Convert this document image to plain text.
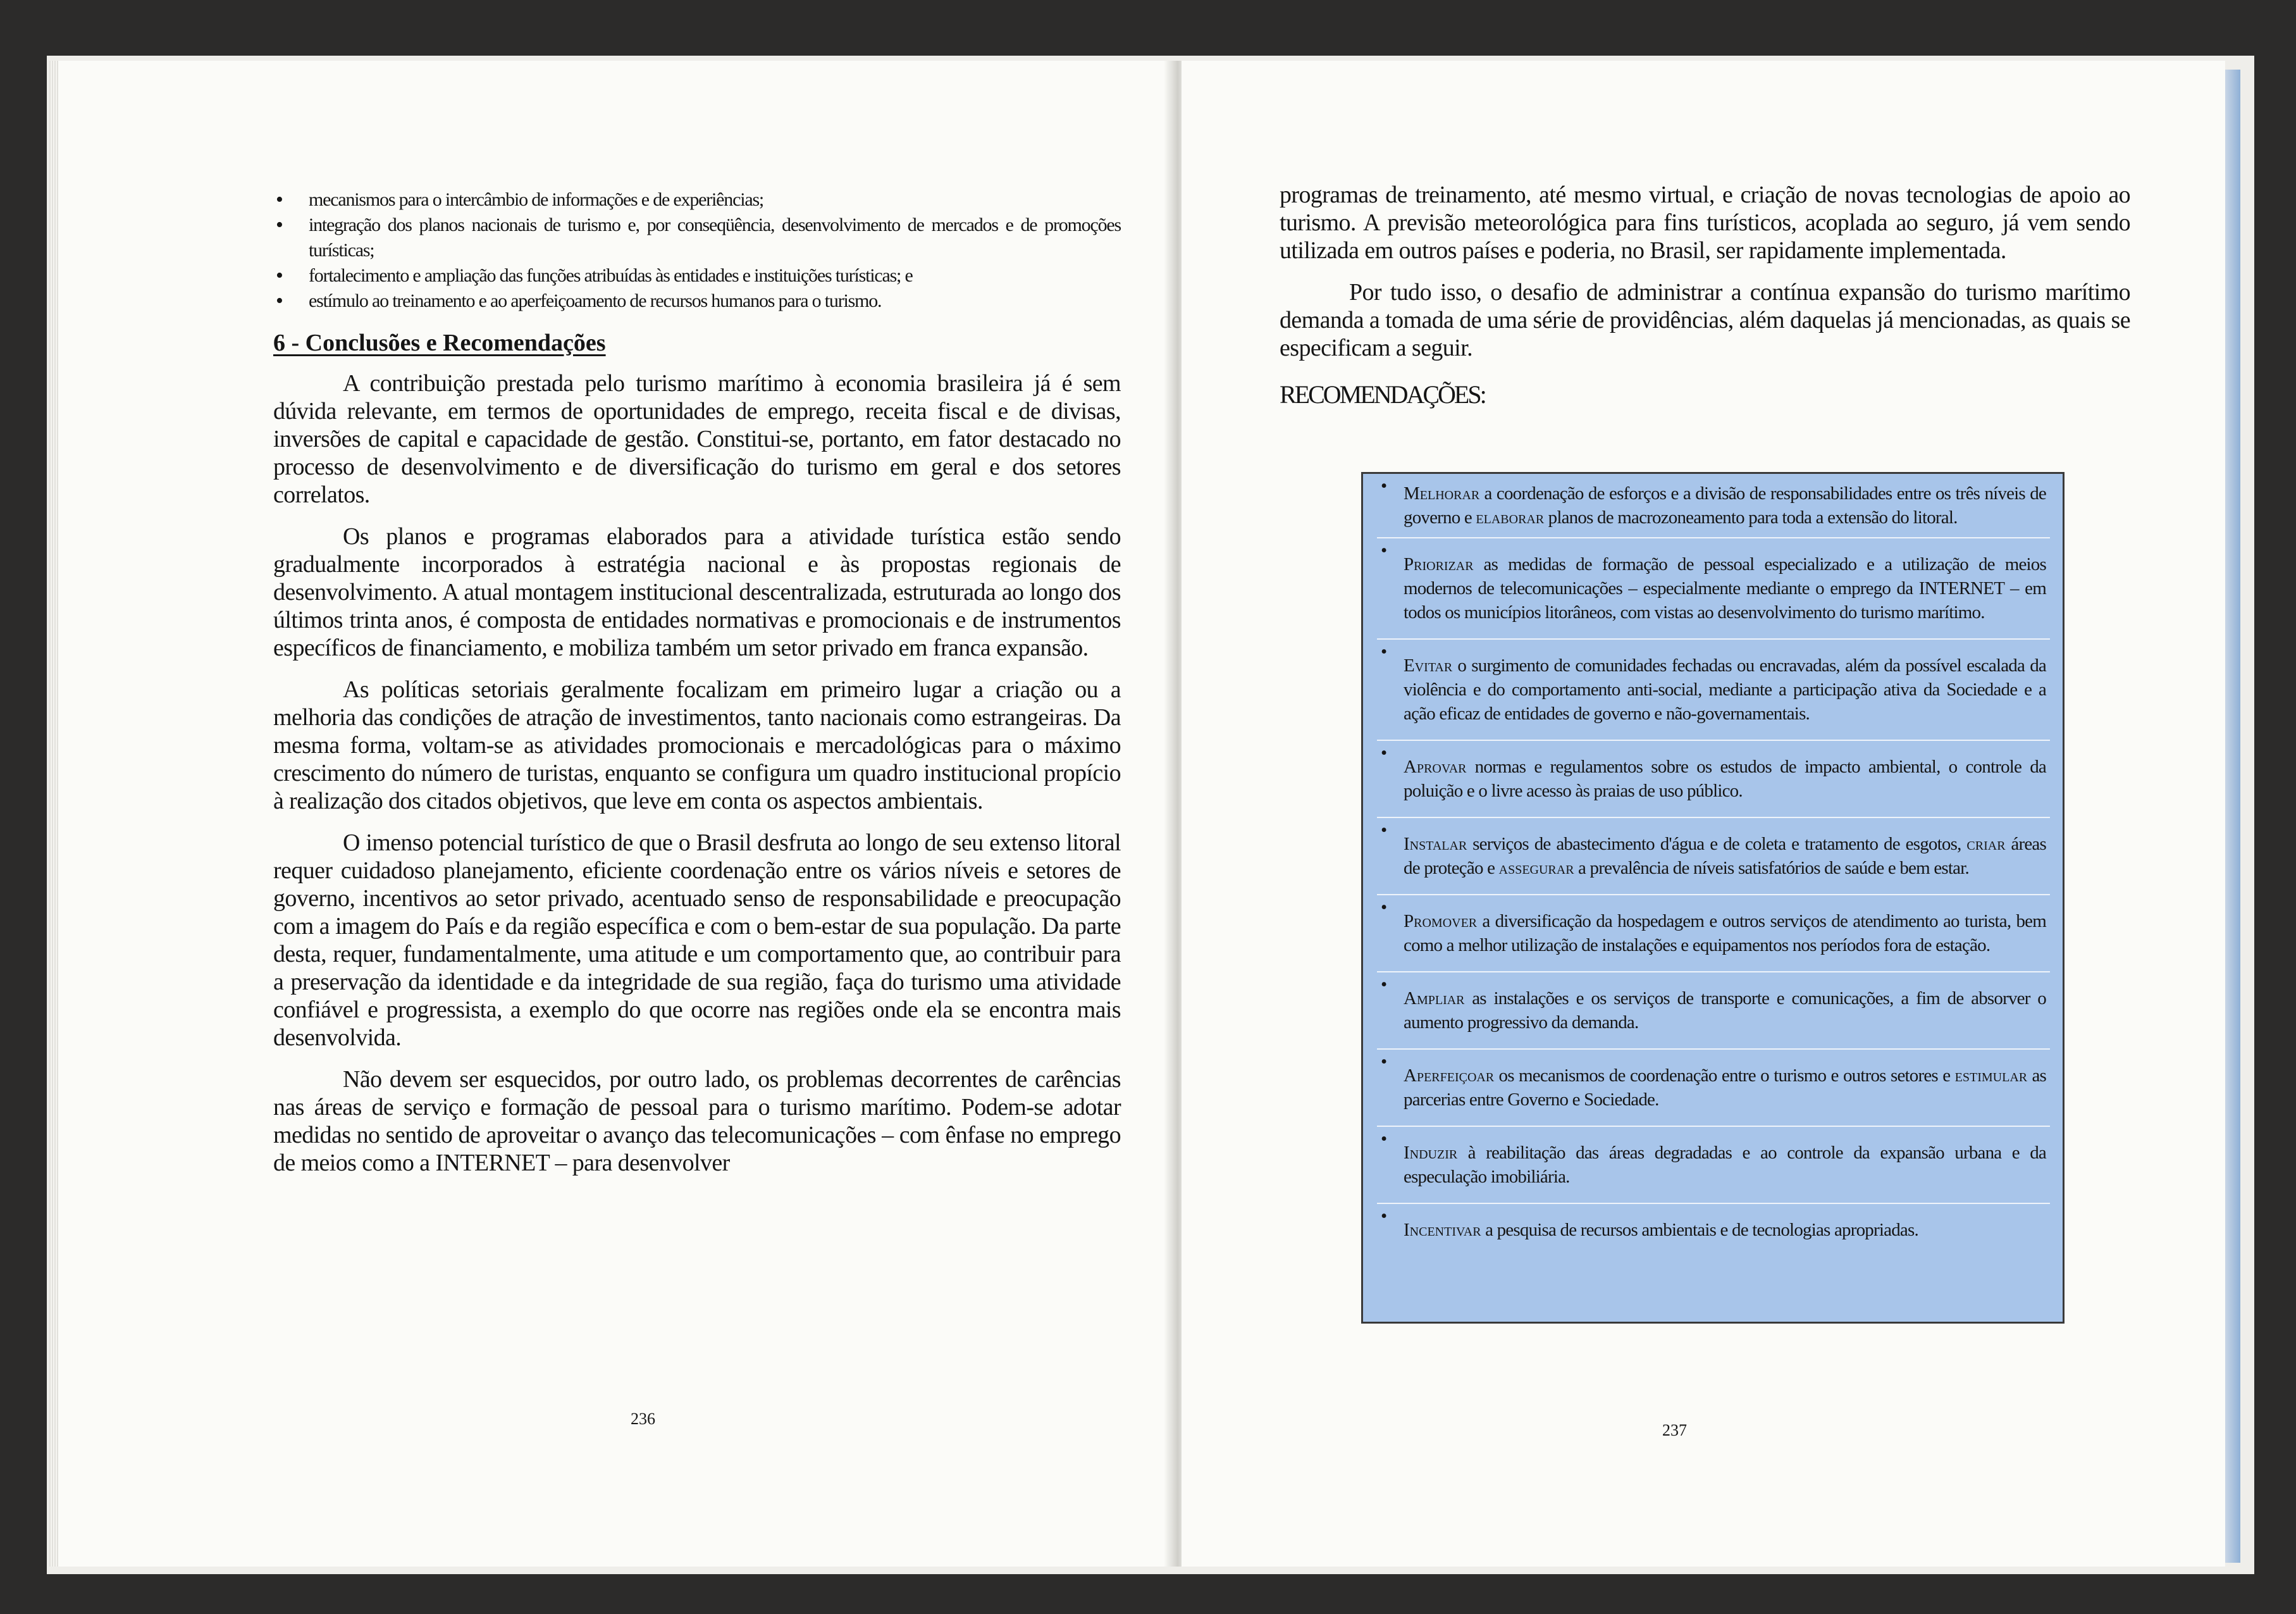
• mecanismos para o intercâmbio de informações e de experiências;
• integração dos planos nacionais de turismo e, por conseqüência, desenvolvimento de mercados e de promoções turísticas;
• fortalecimento e ampliação das funções atribuídas às entidades e instituições turísticas; e
• estímulo ao treinamento e ao aperfeiçoamento de recursos humanos para o turismo.
6 - Conclusões e Recomendações

A contribuição prestada pelo turismo marítimo à economia brasileira já é sem dúvida relevante, em termos de oportunidades de emprego, receita fiscal e de divisas, inversões de capital e capacidade de gestão. Constitui-se, portanto, em fator destacado no processo de desenvolvimento e de diversificação do turismo em geral e dos setores correlatos.

Os planos e programas elaborados para a atividade turística estão sendo gradualmente incorporados à estratégia nacional e às propostas regionais de desenvolvimento. A atual montagem institucional descentralizada, estruturada ao longo dos últimos trinta anos, é composta de entidades normativas e promocionais e de instrumentos específicos de financiamento, e mobiliza também um setor privado em franca expansão.

As políticas setoriais geralmente focalizam em primeiro lugar a criação ou a melhoria das condições de atração de investimentos, tanto nacionais como estrangeiras. Da mesma forma, voltam-se as atividades promocionais e mercadológicas para o máximo crescimento do número de turistas, enquanto se configura um quadro institucional propício à realização dos citados objetivos, que leve em conta os aspectos ambientais.

O imenso potencial turístico de que o Brasil desfruta ao longo de seu extenso litoral requer cuidadoso planejamento, eficiente coordenação entre os vários níveis e setores de governo, incentivos ao setor privado, acentuado senso de responsabilidade e preocupação com a imagem do País e da região específica e com o bem-estar de sua população. Da parte desta, requer, fundamentalmente, uma atitude e um comportamento que, ao contribuir para a preservação da identidade e da integridade de sua região, faça do turismo uma atividade confiável e progressista, a exemplo do que ocorre nas regiões onde ela se encontra mais desenvolvida.

Não devem ser esquecidos, por outro lado, os problemas decorrentes de carências nas áreas de serviço e formação de pessoal para o turismo marítimo. Podem-se adotar medidas no sentido de aproveitar o avanço das telecomunicações – com ênfase no emprego de meios como a INTERNET – para desenvolver

236

programas de treinamento, até mesmo virtual, e criação de novas tecnologias de apoio ao turismo. A previsão meteorológica para fins turísticos, acoplada ao seguro, já vem sendo utilizada em outros países e poderia, no Brasil, ser rapidamente implementada.

Por tudo isso, o desafio de administrar a contínua expansão do turismo marítimo demanda a tomada de uma série de providências, além daquelas já mencionadas, as quais se especificam a seguir.

RECOMENDAÇÕES:
237
• Melhorar a coordenação de esforços e a divisão de responsabilidades entre os três níveis de governo e elaborar planos de macrozoneamento para toda a extensão do litoral.
• Priorizar as medidas de formação de pessoal especializado e a utilização de meios modernos de telecomunicações – especialmente mediante o emprego da INTERNET – em todos os municípios litorâneos, com vistas ao desenvolvimento do turismo marítimo.
• Evitar o surgimento de comunidades fechadas ou encravadas, além da possível escalada da violência e do comportamento anti-social, mediante a participação ativa da Sociedade e a ação eficaz de entidades de governo e não-governamentais.
• Aprovar normas e regulamentos sobre os estudos de impacto ambiental, o controle da poluição e o livre acesso às praias de uso público.
• Instalar serviços de abastecimento d'água e de coleta e tratamento de esgotos, criar áreas de proteção e assegurar a prevalência de níveis satisfatórios de saúde e bem estar.
• Promover a diversificação da hospedagem e outros serviços de atendimento ao turista, bem como a melhor utilização de instalações e equipamentos nos períodos fora de estação.
• Ampliar as instalações e os serviços de transporte e comunicações, a fim de absorver o aumento progressivo da demanda.
• Aperfeiçoar os mecanismos de coordenação entre o turismo e outros setores e estimular as parcerias entre Governo e Sociedade.
• Induzir à reabilitação das áreas degradadas e ao controle da expansão urbana e da especulação imobiliária.
• Incentivar a pesquisa de recursos ambientais e de tecnologias apropriadas.
